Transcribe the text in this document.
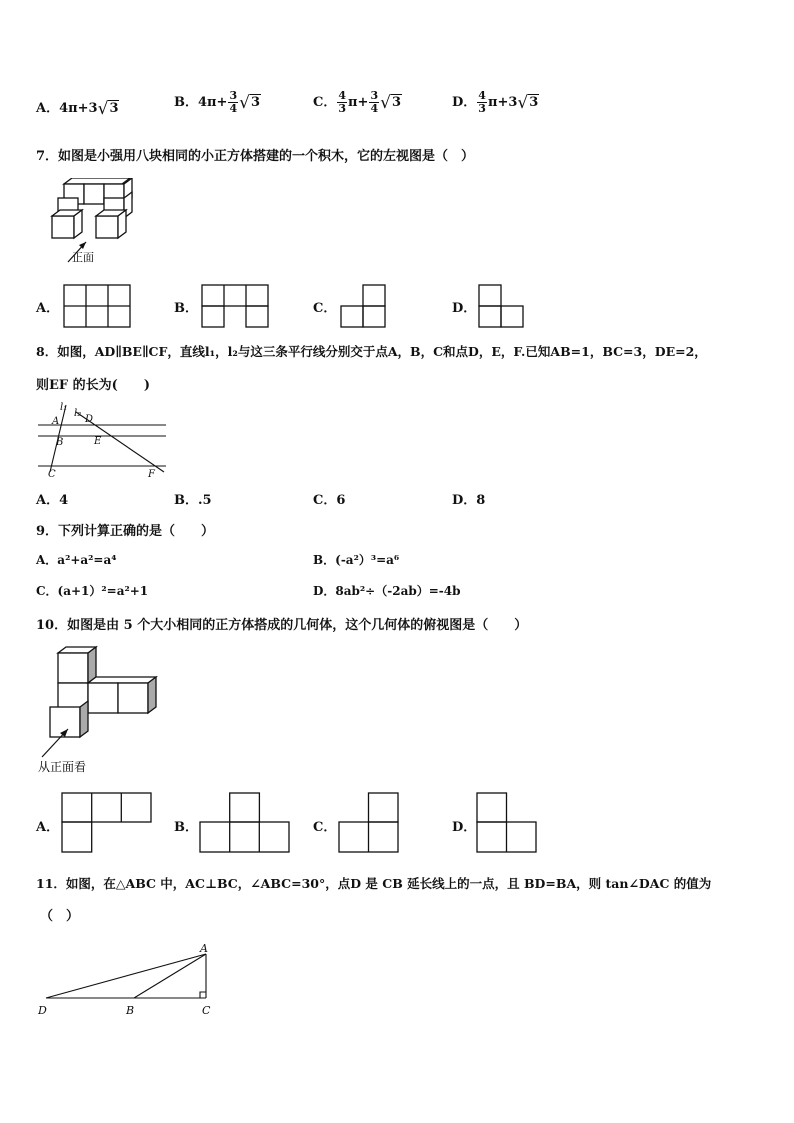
A．4π+3√3	B．$4\pi+ \frac{3}{4} √3$	C． $\frac{4}{3} \pi+ \frac{3}{4} √3$	D． $\frac{4}{3} \pi+3√3$
7．如图是小强用八块相同的小正方体搭建的一个积木，它的左视图是（　）
正面
A．	B．	C．	D．
8．如图，AD∥BE∥CF，直线l₁，l₂与这三条平行线分别交于点A，B，C和点D，E，F.已知AB=1，BC=3，DE=2，
则EF 的长为(　　)
l₁
l₂
A	D
B	E
C	F
A．4	B．.5	C．6	D．8
9．下列计算正确的是（　　）
A．a²+a²=a⁴	B．(-a²）³=a⁶
C．(a+1）²=a²+1	D．8ab²÷（-2ab）=-4b
10．如图是由 5 个大小相同的正方体搭成的几何体，这个几何体的俯视图是（　　）
从正面看
A．	B．	C．	D．
11．如图，在△ABC 中，AC⊥BC，∠ABC=30°，点D 是 CB 延长线上的一点，且 BD=BA，则 tan∠DAC 的值为
（　）
A
D	B	C
